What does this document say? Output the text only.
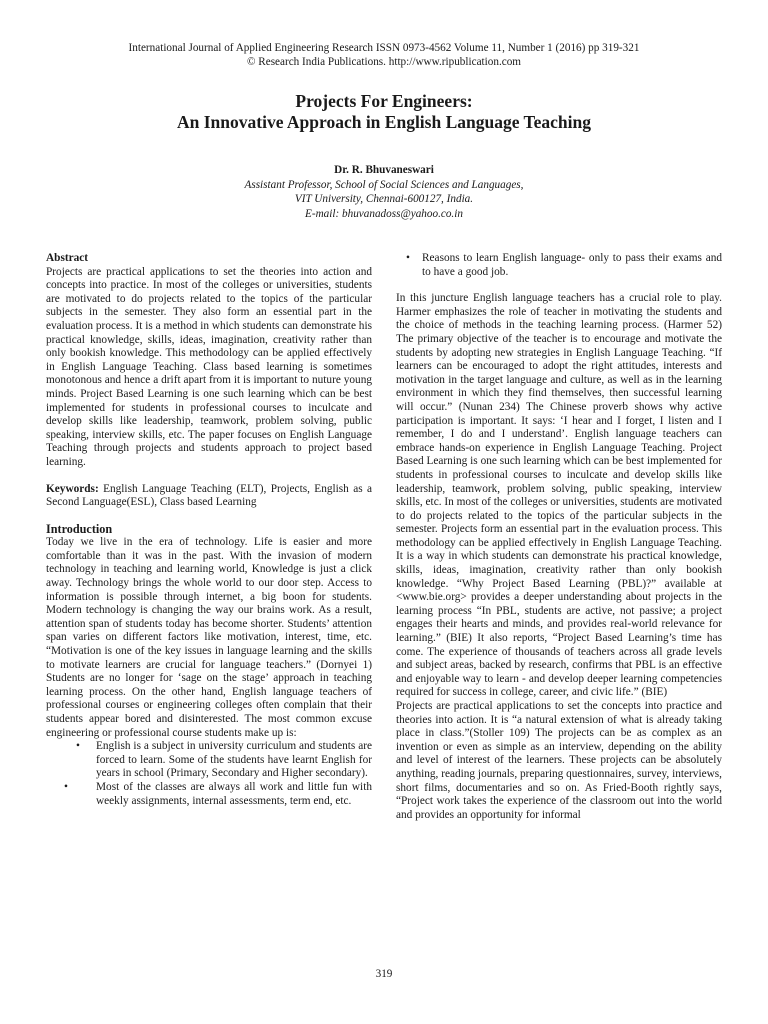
International Journal of Applied Engineering Research ISSN 0973-4562 Volume 11, Number 1 (2016) pp 319-321
© Research India Publications. http://www.ripublication.com
Projects For Engineers:
An Innovative Approach in English Language Teaching
Dr. R. Bhuvaneswari
Assistant Professor, School of Social Sciences and Languages,
VIT University, Chennai-600127, India.
E-mail: bhuvanadoss@yahoo.co.in

Abstract

Projects are practical applications to set the theories into action and concepts into practice. In most of the colleges or universities, students are motivated to do projects related to the topics of the particular subjects in the semester. They also form an essential part in the evaluation process. It is a method in which students can demonstrate his practical knowledge, skills, ideas, imagination, creativity rather than only bookish knowledge. This methodology can be applied effectively in English Language Teaching. Class based learning is sometimes monotonous and hence a drift apart from it is important to nuture young minds. Project Based Learning is one such learning which can be best implemented for students in professional courses to inculcate and develop skills like leadership, teamwork, problem solving, public speaking, interview skills, etc. The paper focuses on English Language Teaching through projects and students approach to project based learning.

Keywords: English Language Teaching (ELT), Projects, English as a Second Language(ESL), Class based Learning

Introduction

Today we live in the era of technology. Life is easier and more comfortable than it was in the past. With the invasion of modern technology in teaching and learning world, Knowledge is just a click away. Technology brings the whole world to our door step. Access to information is possible through internet, a big boon for students. Modern technology is changing the way our brains work. As a result, attention span of students today has become shorter. Students’ attention span varies on different factors like motivation, interest, time, etc. “Motivation is one of the key issues in language learning and the skills to motivate learners are crucial for language teachers.” (Dornyei 1) Students are no longer for ‘sage on the stage’ approach in teaching learning process. On the other hand, English language teachers of professional courses or engineering colleges often complain that their students appear bored and disinterested. The most common excuse engineering or professional course students make up is:

• English is a subject in university curriculum and students are forced to learn. Some of the students have learnt English for years in school (Primary, Secondary and Higher secondary).
• Most of the classes are always all work and little fun with weekly assignments, internal assessments, term end, etc.
• Reasons to learn English language- only to pass their exams and to have a good job.

In this juncture English language teachers has a crucial role to play. Harmer emphasizes the role of teacher in motivating the students and the choice of methods in the teaching learning process. (Harmer 52) The primary objective of the teacher is to encourage and motivate the students by adopting new strategies in English Language Teaching. “If learners can be encouraged to adopt the right attitudes, interests and motivation in the target language and culture, as well as in the learning environment in which they find themselves, then successful learning will occur.” (Nunan 234) The Chinese proverb shows why active participation is important. It says: ‘I hear and I forget, I listen and I remember, I do and I understand’. English language teachers can embrace hands-on experience in English Language Teaching. Project Based Learning is one such learning which can be best implemented for students in professional courses to inculcate and develop skills like leadership, teamwork, problem solving, public speaking, interview skills, etc. In most of the colleges or universities, students are motivated to do projects related to the topics of the particular subjects in the semester. Projects form an essential part in the evaluation process. This methodology can be applied effectively in English Language Teaching. It is a way in which students can demonstrate his practical knowledge, skills, ideas, imagination, creativity rather than only bookish knowledge. “Why Project Based Learning (PBL)?” available at <www.bie.org> provides a deeper understanding about projects in the learning process “In PBL, students are active, not passive; a project engages their hearts and minds, and provides real-world relevance for learning.” (BIE) It also reports, “Project Based Learning’s time has come. The experience of thousands of teachers across all grade levels and subject areas, backed by research, confirms that PBL is an effective and enjoyable way to learn - and develop deeper learning competencies required for success in college, career, and civic life.” (BIE)

Projects are practical applications to set the concepts into practice and theories into action. It is “a natural extension of what is already taking place in class.”(Stoller 109) The projects can be as complex as an invention or even as simple as an interview, depending on the ability and level of interest of the learners. These projects can be absolutely anything, reading journals, preparing questionnaires, survey, interviews, short films, documentaries and so on. As Fried-Booth rightly says, “Project work takes the experience of the classroom out into the world and provides an opportunity for informal

319
